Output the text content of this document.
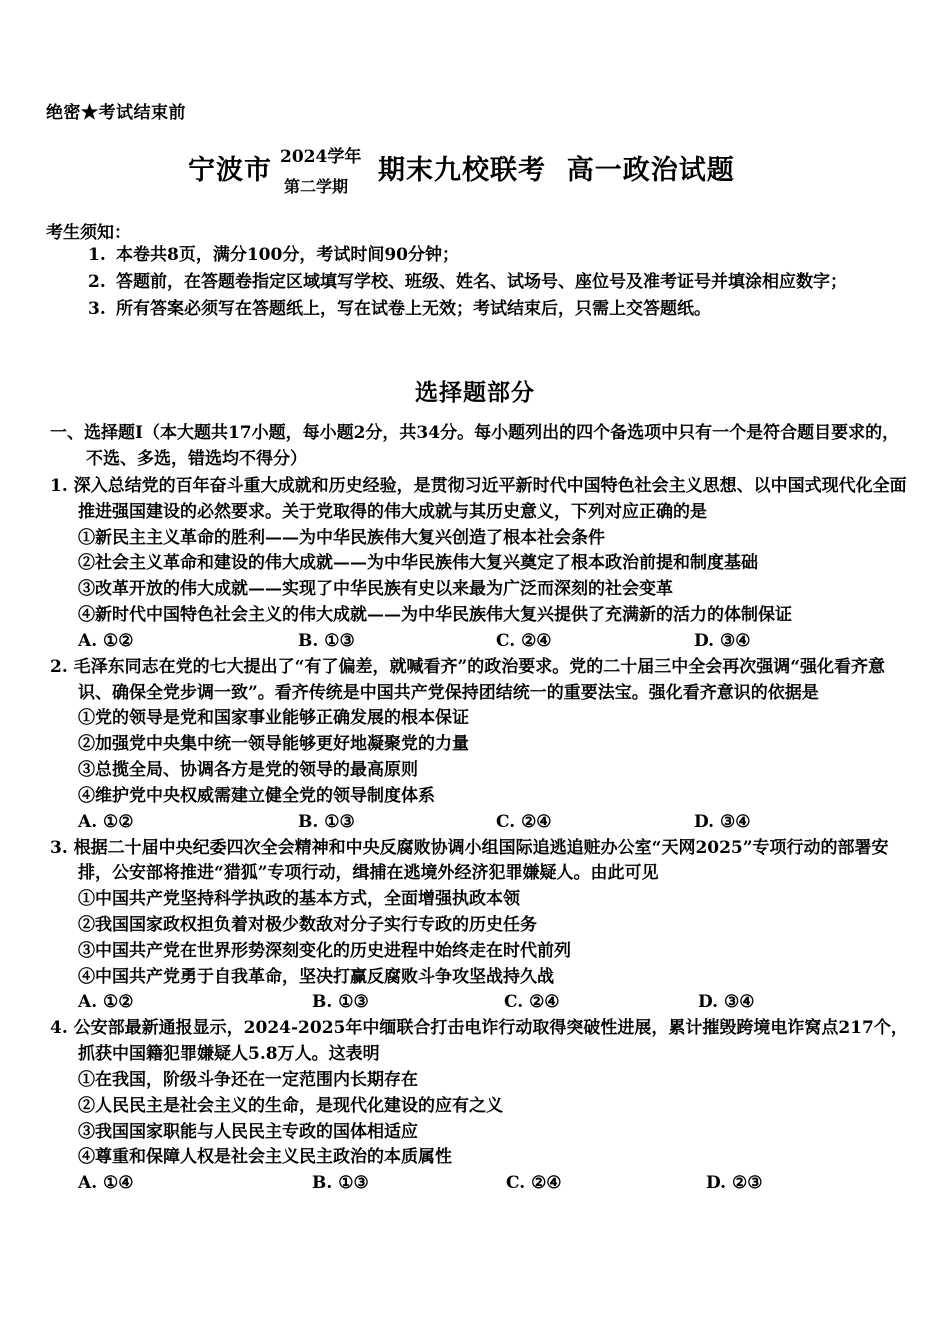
绝密★考试结束前
宁波市 2024学年
第二学期
期末九校联考  高一政治试题
考生须知：
1. 本卷共8页，满分100分，考试时间90分钟；
2. 答题前，在答题卷指定区域填写学校、班级、姓名、试场号、座位号及准考证号并填涂相应数字；
3. 所有答案必须写在答题纸上，写在试卷上无效；考试结束后，只需上交答题纸。
选择题部分
一、选择题Ⅰ（本大题共17小题，每小题2分，共34分。每小题列出的四个备选项中只有一个是符合题目要求的，不选、多选，错选均不得分）
1. 深入总结党的百年奋斗重大成就和历史经验，是贯彻习近平新时代中国特色社会主义思想、以中国式现代化全面推进强国建设的必然要求。关于党取得的伟大成就与其历史意义，下列对应正确的是
①新民主主义革命的胜利——为中华民族伟大复兴创造了根本社会条件
②社会主义革命和建设的伟大成就——为中华民族伟大复兴奠定了根本政治前提和制度基础
③改革开放的伟大成就——实现了中华民族有史以来最为广泛而深刻的社会变革
④新时代中国特色社会主义的伟大成就——为中华民族伟大复兴提供了充满新的活力的体制保证
A. ①②	B. ①③	C. ②④	D. ③④
2. 毛泽东同志在党的七大提出了“有了偏差，就喊看齐”的政治要求。党的二十届三中全会再次强调“强化看齐意识、确保全党步调一致”。看齐传统是中国共产党保持团结统一的重要法宝。强化看齐意识的依据是
①党的领导是党和国家事业能够正确发展的根本保证
②加强党中央集中统一领导能够更好地凝聚党的力量
③总揽全局、协调各方是党的领导的最高原则
④维护党中央权威需建立健全党的领导制度体系
A. ①②	B. ①③	C. ②④	D. ③④
3. 根据二十届中央纪委四次全会精神和中央反腐败协调小组国际追逃追赃办公室“天网2025”专项行动的部署安排，公安部将推进“猎狐”专项行动，缉捕在逃境外经济犯罪嫌疑人。由此可见
①中国共产党坚持科学执政的基本方式，全面增强执政本领
②我国国家政权担负着对极少数敌对分子实行专政的历史任务
③中国共产党在世界形势深刻变化的历史进程中始终走在时代前列
④中国共产党勇于自我革命，坚决打赢反腐败斗争攻坚战持久战
A. ①②	B. ①③	C. ②④	D. ③④
4. 公安部最新通报显示，2024-2025年中缅联合打击电诈行动取得突破性进展，累计摧毁跨境电诈窝点217个，抓获中国籍犯罪嫌疑人5.8万人。这表明
①在我国，阶级斗争还在一定范围内长期存在
②人民民主是社会主义的生命，是现代化建设的应有之义
③我国国家职能与人民民主专政的国体相适应
④尊重和保障人权是社会主义民主政治的本质属性
A. ①④	B. ①③	C. ②④	D. ②③
